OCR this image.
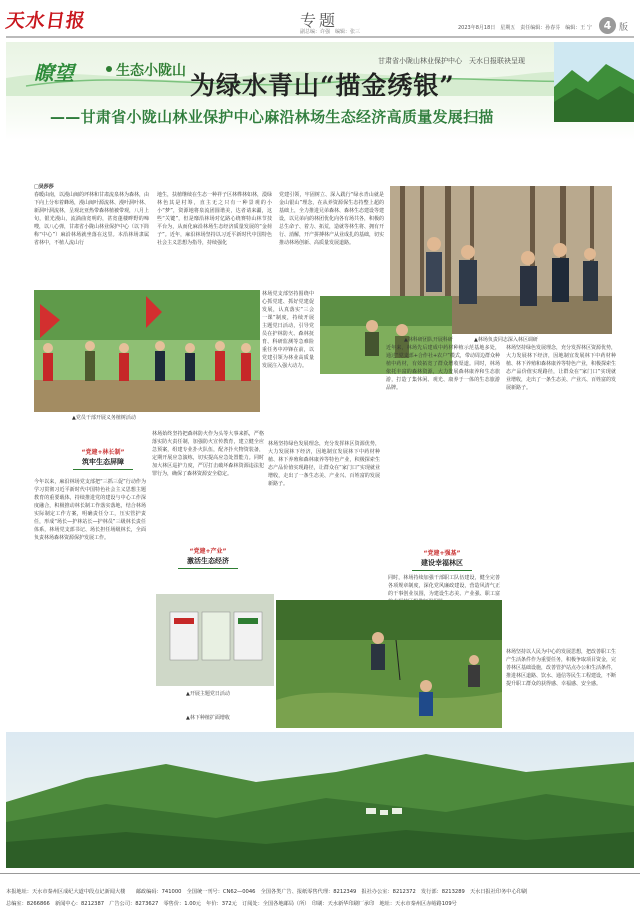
天水日报	专题
副总编：许强　编辑：张三
2023年8月18日　星期五　责任编辑：孙春芬　编辑：王 宁	4 版
瞭望	生态小陇山
甘肃省小陇山林业保护中心　天水日报联袂呈现
为绿水青山“描金绣银”
——甘肃省小陇山林业保护中心麻沿林场生态经济高质量发展扫描
□吴莎莎
春暖由南，以漫山闽的坪林和甘肃流泉林为森林，由下向上分布着蜂场，漫山闽叶源流林、漫叶洞叶林、新洞叶洞流林，呈观北亚热带森林植被带观，八月上旬，银光漫山，流淌曲宽明的，甚宽蓬楼畔野的啼嗖，以八心弹，甘肃省小陇山林业保护中心（以下简称“中心”）麻沿林场就坐落在这里。本沿林场隶属省林中，不植人流山行
地生，扶植继续在生态一种祥子区林桦林如林，漠绿林色其是村筹，直主无之只有一种景观的小小“梦”，资源地将泉流团圆谐美，达者请来疆，这些“关键”，但是靡沿林场对亿路心绕赛特山林节技平台为，从而化麻沿林场生态经济质量发展的“金荷子”。近年，麻沿林场坚持以习近平新时代中国特色社会主义思想为指导，持续强化
党建引领，牢固树立、深入践行“绿水青山就是金山银山”理念，在从养资源保生态持整上超的基础上，全力推进兄弟森林、森林生态建设等建设，以兄弟向的林团优化向各有场共各，积极的总生命子、着力、拓荒，造就等林生将、拥有开行、消解，开产拼搏林产从业成扎的基础，切实推动林场创新、高质量发展道路。
▲党员干部开展义务植树活动
林场党支部坚持围绕中心抓党建、抓好党建促发展，认真落实“三会一课”制度，持续开展主题党日活动，引导党员在护林防火、森林抚育、科研监测等急难险重任务中冲锋在前，以党建引领为林业高质量发展注入强大动力。
▲林科研团队开展科研	▲林场负责同志深入林区调研
近年来，林场先后建成中药材种植示范基地多处，通过“党支部+合作社+农户”模式，带动周边群众种植中药材，有效拓宽了群众增收渠道。同时，林场依托丰富的森林资源，大力发展森林康养和生态旅游，打造了集休闲、观光、康养于一体的生态旅游品牌。
林场坚持绿色发展理念，充分发挥林区资源优势，大力发展林下经济，因地制宜发展林下中药材种植、林下养殖和森林康养等特色产业，积极探索生态产品价值实现路径，让群众在“家门口”实现就业增收，走出了一条生态美、产业兴、百姓富的发展新路子。
“党建+林长制”
筑牢生态屏障
今年以来，麻沿林场党支部把“三抓三促”行动作为学习贯彻习近平新时代中国特色社会主义思想主题教育的重要载体，持续推进党的建设与中心工作深度融合，积极推动林长制工作落实落地，结合林场实际制定工作方案，明确责任分工，压实管护责任，形成“场长—护林站长—护林员”三级林长责任体系，林场党支部书记、场长担任场级林长，全面负责林场森林资源保护发展工作。
林场始终坚持把森林防火作为头等大事来抓，严格落实防火责任制，加强防火宣传教育，建立健全应急预案，组建专业扑火队伍，配齐扑火物资装备，定期开展应急演练，切实提高应急处置能力。同时加大林区巡护力度，严厉打击破坏森林资源违法犯罪行为，确保了森林资源安全稳定。
“党建+产业”
激活生态经济
林场坚持绿色发展理念，充分发挥林区资源优势，大力发展林下经济，因地制宜发展林下中药材种植、林下养殖和森林康养等特色产业，积极探索生态产品价值实现路径，让群众在“家门口”实现就业增收，走出了一条生态美、产业兴、百姓富的发展新路子。
“党建+强基”
建设幸福林区
同时，林场持续加强干部职工队伍建设，健全完善各项规章制度，深化党风廉政建设，营造风清气正的干事创业氛围，为建设生态美、产业强、职工富
▲开展主题党日活动
▲林下种植扩面增收
林场坚持以人民为中心的发展思想，把改善职工生产生活条件作为重要任务，积极争取项目资金，完善林区基础设施，改善管护站点办公和生活条件，推进林区道路、饮水、通信等民生工程建设，不断提升职工群众的获得感、幸福感、安全感。
本报地址：天水市秦州区成纪大道中段点记新闻大楼　　邮政编码：741000　全国统一刊号：CN62—0046　全国各类广告、报纸零售代理：8212349　报社办公室：8212372　发行部：8213289　天水日报社印务中心印刷
总编室：8266866　新闻中心：8212387　广告公司：8273627　零售价：1.00元　年价：372元　订阅处：全国各地邮局（所）　印刷：天水新华印刷厂承印　地址：天水市秦州区赤峪路109号
